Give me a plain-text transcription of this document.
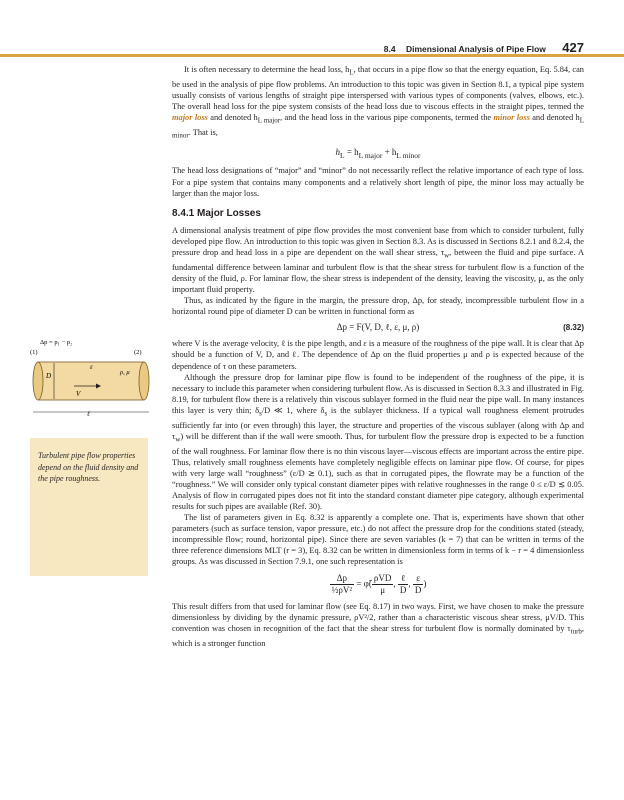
8.4 Dimensional Analysis of Pipe Flow 427

It is often necessary to determine the head loss, $h_L$, that occurs in a pipe flow so that the energy equation, Eq. 5.84, can be used in the analysis of pipe flow problems. An introduction to this topic was given in Section 8.1, a typical pipe system usually consists of various lengths of straight pipe interspersed with various types of components (valves, elbows, etc.). The overall head loss for the pipe system consists of the head loss due to viscous effects in the straight pipes, termed the major loss and denoted $h_{L major}$, and the head loss in the various pipe components, termed the minor loss and denoted $h_{L minor}$. That is,

$h_L = h_{L major} + h_{L minor}$

The head loss designations of “major” and “minor” do not necessarily reflect the relative importance of each type of loss. For a pipe system that contains many components and a relatively short length of pipe, the minor loss may actually be larger than the major loss.

8.4.1 Major Losses

A dimensional analysis treatment of pipe flow provides the most convenient base from which to consider turbulent, fully developed pipe flow. An introduction to this topic was given in Section 8.3. As is discussed in Sections 8.2.1 and 8.2.4, the pressure drop and head loss in a pipe are dependent on the wall shear stress, $\tau_w$, between the fluid and pipe surface. A fundamental difference between laminar and turbulent flow is that the shear stress for turbulent flow is a function of the density of the fluid, ρ. For laminar flow, the shear stress is independent of the density, leaving the viscosity, μ, as the only important fluid property.

Thus, as indicated by the figure in the margin, the pressure drop, Δp, for steady, incompressible turbulent flow in a horizontal round pipe of diameter D can be written in functional form as

Δp = F(V, D, ℓ, ε, μ, ρ)	(8.32)

where V is the average velocity, ℓ is the pipe length, and ε is a measure of the roughness of the pipe wall. It is clear that Δp should be a function of V, D, and ℓ. The dependence of Δp on the fluid properties μ and ρ is expected because of the dependence of τ on these parameters.

Although the pressure drop for laminar pipe flow is found to be independent of the roughness of the pipe, it is necessary to include this parameter when considering turbulent flow. As is discussed in Section 8.3.3 and illustrated in Fig. 8.19, for turbulent flow there is a relatively thin viscous sublayer formed in the fluid near the pipe wall. In many instances this layer is very thin; $\delta_s/D$ ≪ 1, where $\delta_s$ is the sublayer thickness. If a typical wall roughness element protrudes sufficiently far into (or even through) this layer, the structure and properties of the viscous sublayer (along with Δp and $\tau_w$) will be different than if the wall were smooth. Thus, for turbulent flow the pressure drop is expected to be a function of the wall roughness. For laminar flow there is no thin viscous layer—viscous effects are important across the entire pipe. Thus, relatively small roughness elements have completely negligible effects on laminar pipe flow. Of course, for pipes with very large wall “roughness” (ε/D ≳ 0.1), such as that in corrugated pipes, the flowrate may be a function of the “roughness.” We will consider only typical constant diameter pipes with relative roughnesses in the range 0 ≤ ε/D ≲ 0.05. Analysis of flow in corrugated pipes does not fit into the standard constant diameter pipe category, although experimental results for such pipes are available (Ref. 30).

The list of parameters given in Eq. 8.32 is apparently a complete one. That is, experiments have shown that other parameters (such as surface tension, vapor pressure, etc.) do not affect the pressure drop for the conditions stated (steady, incompressible flow; round, horizontal pipe). Since there are seven variables (k = 7) that can be written in terms of the three reference dimensions MLT (r = 3), Eq. 8.32 can be written in dimensionless form in terms of k − r = 4 dimensionless groups. As was discussed in Section 7.9.1, one such representation is

$\frac{\Delta p}{\text{½ρV²}}$ = φ̃( $\frac{\text{ρVD}}{\mu}$ , $\frac{\text{ℓ}}{D}$ , $\frac{\varepsilon}{D}$ )

This result differs from that used for laminar flow (see Eq. 8.17) in two ways. First, we have chosen to make the pressure dimensionless by dividing by the dynamic pressure, ρV²/2, rather than a characteristic viscous shear stress, μV/D. This convention was chosen in recognition of the fact that the shear stress for turbulent flow is normally dominated by $\tau_{turb}$, which is a stronger function

Δp = p₁ − p₂
(1)	(2)
ρ, μ
D
V
ε
ℓ
Turbulent pipe flow properties depend on the fluid density and the pipe roughness.
